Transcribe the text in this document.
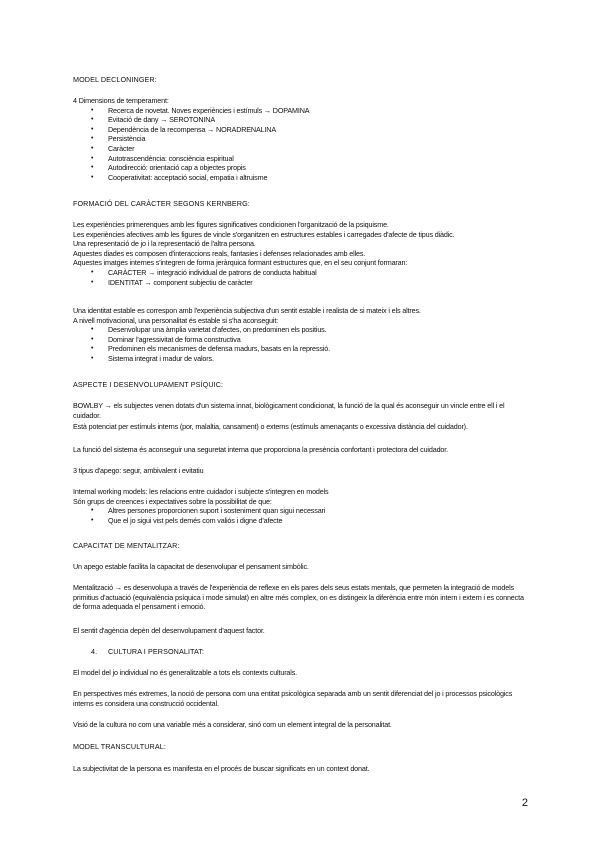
MODEL DECLONINGER:
4 Dimensions de temperament:
• Recerca de novetat. Noves experiències i estímuls → DOPAMINA
• Evitació de dany → SEROTONINA
• Dependència de la recompensa → NORADRENALINA
• Persistència
• Caràcter
• Autotrascendència: consciència espiritual
• Autodirecció: orientació cap a objectes propis
• Cooperativitat: acceptació social, empatia i altruisme
FORMACIÓ DEL CARÀCTER SEGONS KERNBERG:
Les experiències primerenques amb les figures significatives condicionen l'organització de la psiquisme.
Les experiències afectives amb les figures de vincle s'organitzen en estructures estables i carregades d'afecte de tipus diàdic.
Una representació de jo i la representació de l'altra persona.
Aquestes diades es composen d'interaccions reals, fantasies i defenses relacionades amb elles.
Aquestes imatges internes s'integren de forma jeràrquica formant estructures que, en el seu conjunt formaran:
• CARÀCTER → integració individual de patrons de conducta habitual
• IDENTITAT → component subjectiu de caràcter
Una identitat estable es correspon amb l'experiència subjectiva d'un sentit estable i realista de si mateix i els altres.
A nivell motivacional, una personalitat és estable si s'ha aconseguit:
• Desenvolupar una àmplia varietat d'afectes, on predominen els positius.
• Dominar l'agressivitat de forma constructiva
• Predominen els mecanismes de defensa madurs, basats en la repressió.
• Sistema integrat i madur de valors.
ASPECTE I DESENVOLUPAMENT PSÍQUIC:
BOWLBY → els subjectes venen dotats d'un sistema innat, biològicament condicionat, la funció de la qual és aconseguir un vincle entre ell i el cuidador.
Està potenciat per estímuls interns (por, malaltia, cansament) o externs (estímuls amenaçants o excessiva distància del cuidador).
La funció del sistema és aconseguir una seguretat interna que proporciona la presència confortant i protectora del cuidador.
3 tipus d'apego: segur, ambivalent i evitatiu
Internal working models: les relacions entre cuidador i subjecte s'integren en models
Són grups de creences i expectatives sobre la possibilitat de que:
• Altres persones proporcionen suport i sosteniment quan sigui necessari
• Que el jo sigui vist pels demés com valiós i digne d'afecte
CAPACITAT DE MENTALITZAR:
Un apego estable facilita la capacitat de desenvolupar el pensament simbòlic.
Mentalització → es desenvolupa a través de l'experiència de reflexe en els pares dels seus estats mentals, que permeten la integració de models primitius d'actuació (equivalència psíquica i mode simulat) en altre més complex, on es distingeix la diferència entre món intern i extern i es connecta de forma adequada el pensament i emoció.
El sentit d'agència depèn del desenvolupament d'aquest factor.
4. CULTURA I PERSONALITAT:
El model del jo individual no és generalitzable a tots els contexts culturals.
En perspectives més extremes, la noció de persona com una entitat psicològica separada amb un sentit diferenciat del jo i processos psicològics interns es considera una construcció occidental.
Visió de la cultura no com una variable més a considerar, sinó com un element integral de la personalitat.
MODEL TRANSCULTURAL:
La subjectivitat de la persona es manifesta en el procés de buscar significats en un context donat.
2
